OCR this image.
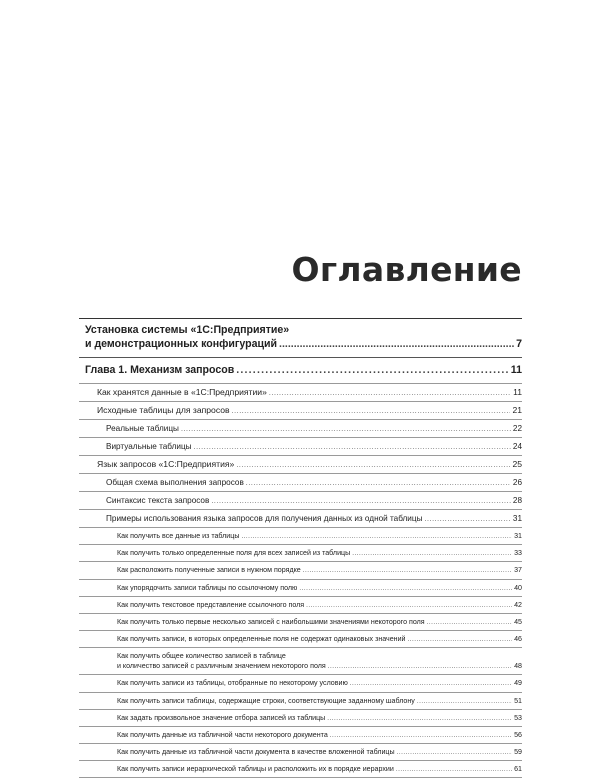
Оглавление
Установка системы «1С:Предприятие»
и демонстрационных конфигураций .....	7
Глава 1. Механизм запросов .....	11
Как хранятся данные в «1С:Предприятии» .....	11
Исходные таблицы для запросов .....	21
Реальные таблицы .....	22
Виртуальные таблицы .....	24
Язык запросов «1С:Предприятия» .....	25
Общая схема выполнения запросов .....	26
Синтаксис текста запросов .....	28
Примеры использования языка запросов для получения данных из одной таблицы .....	31
Как получить все данные из таблицы .....	31
Как получить только определенные поля для всех записей из таблицы .....	33
Как расположить полученные записи в нужном порядке .....	37
Как упорядочить записи таблицы по ссылочному полю .....	40
Как получить текстовое представление ссылочного поля .....	42
Как получить только первые несколько записей с наибольшими значениями некоторого поля .....	45
Как получить записи, в которых определенные поля не содержат одинаковых значений .....	46
Как получить общее количество записей в таблице
и количество записей с различным значением некоторого поля .....	48
Как получить записи из таблицы, отобранные по некоторому условию .....	49
Как получить записи таблицы, содержащие строки, соответствующие заданному шаблону .....	51
Как задать произвольное значение отбора записей из таблицы .....	53
Как получить данные из табличной части некоторого документа .....	56
Как получить данные из табличной части документа в качестве вложенной таблицы .....	59
Как получить записи иерархической таблицы и расположить их в порядке иерархии .....	61
